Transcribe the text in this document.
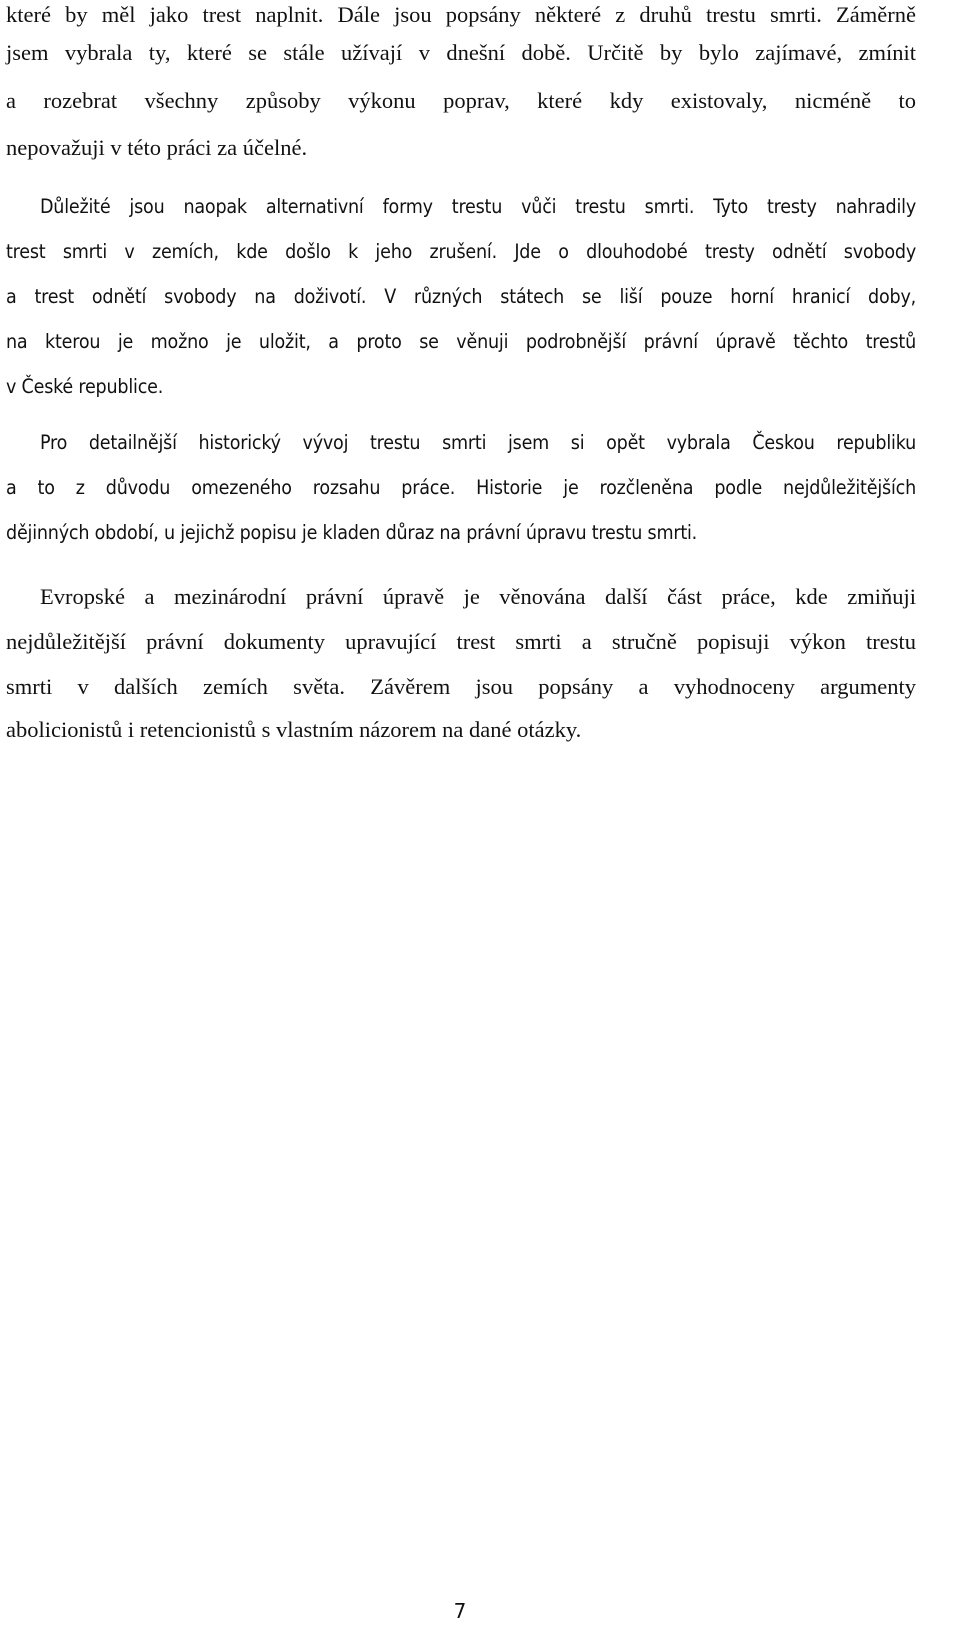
které by měl jako trest naplnit. Dále jsou popsány některé z druhů trestu smrti. Záměrně

jsem vybrala ty, které se stále užívají v dnešní době. Určitě by bylo zajímavé, zmínit

a rozebrat všechny způsoby výkonu poprav, které kdy existovaly, nicméně to

nepovažuji v této práci za účelné.

Důležité jsou naopak alternativní formy trestu vůči trestu smrti. Tyto tresty nahradily

trest smrti v zemích, kde došlo k jeho zrušení. Jde o dlouhodobé tresty odnětí svobody

a trest odnětí svobody na doživotí. V různých státech se liší pouze horní hranicí doby,

na kterou je možno je uložit, a proto se věnuji podrobnější právní úpravě těchto trestů

v České republice.

Pro detailnější historický vývoj trestu smrti jsem si opět vybrala Českou republiku

a to z důvodu omezeného rozsahu práce. Historie je rozčleněna podle nejdůležitějších

dějinných období, u jejichž popisu je kladen důraz na právní úpravu trestu smrti.

Evropské a mezinárodní právní úpravě je věnována další část práce, kde zmiňuji

nejdůležitější právní dokumenty upravující trest smrti a stručně popisuji výkon trestu

smrti v dalších zemích světa. Závěrem jsou popsány a vyhodnoceny argumenty

abolicionistů i retencionistů s vlastním názorem na dané otázky.

7
